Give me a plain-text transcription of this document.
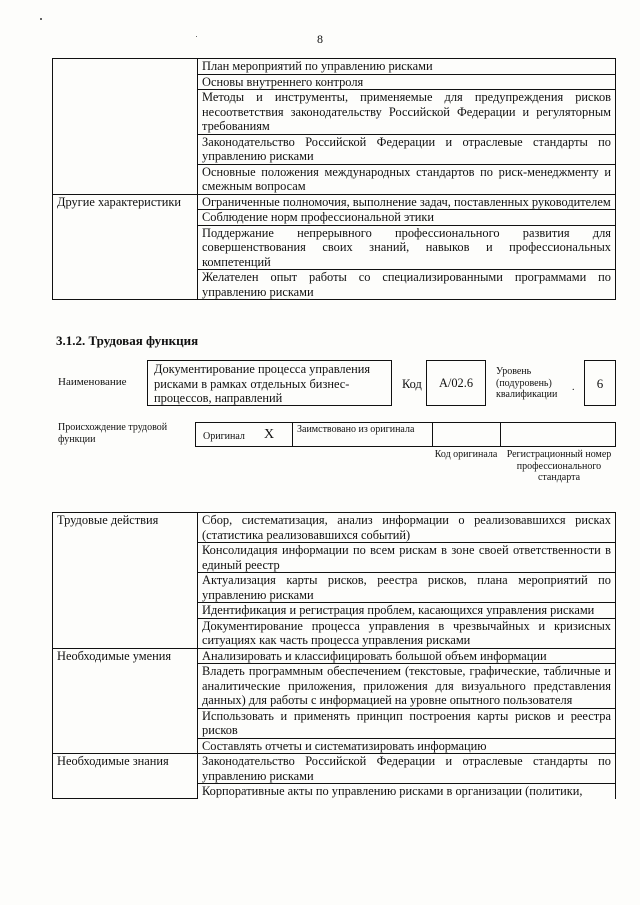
8
	План мероприятий по управлению рисками
	Основы внутреннего контроля
	Методы и инструменты, применяемые для предупреждения рисков несоответствия законодательству Российской Федерации и регуляторным требованиям
	Законодательство Российской Федерации и отраслевые стандарты по управлению рисками
	Основные положения международных стандартов по риск-менеджменту и смежным вопросам
Другие характеристики	Ограниченные полномочия, выполнение задач, поставленных руководителем
	Соблюдение норм профессиональной этики
	Поддержание непрерывного профессионального развития для совершенствования своих знаний, навыков и профессиональных компетенций
	Желателен опыт работы со специализированными программами по управлению рисками
3.1.2. Трудовая функция
Наименование
Документирование процесса управления рисками в рамках отдельных бизнес-процессов, направлений
Код	А/02.6
Уровень (подуровень) квалификации
.	6
Происхождение трудовой функции	Оригинал X Заимствовано из оригинала
Код оригинала Регистрационный номер профессионального стандарта
Трудовые действия	Сбор, систематизация, анализ информации о реализовавшихся рисках (статистика реализовавшихся событий)
	Консолидация информации по всем рискам в зоне своей ответственности в единый реестр
	Актуализация карты рисков, реестра рисков, плана мероприятий по управлению рисками
	Идентификация и регистрация проблем, касающихся управления рисками
	Документирование процесса управления в чрезвычайных и кризисных ситуациях как часть процесса управления рисками
Необходимые умения	Анализировать и классифицировать большой объем информации
	Владеть программным обеспечением (текстовые, графические, табличные и аналитические приложения, приложения для визуального представления данных) для работы с информацией на уровне опытного пользователя
	Использовать и применять принцип построения карты рисков и реестра рисков
	Составлять отчеты и систематизировать информацию
Необходимые знания	Законодательство Российской Федерации и отраслевые стандарты по управлению рисками
	Корпоративные акты по управлению рисками в организации (политики,
